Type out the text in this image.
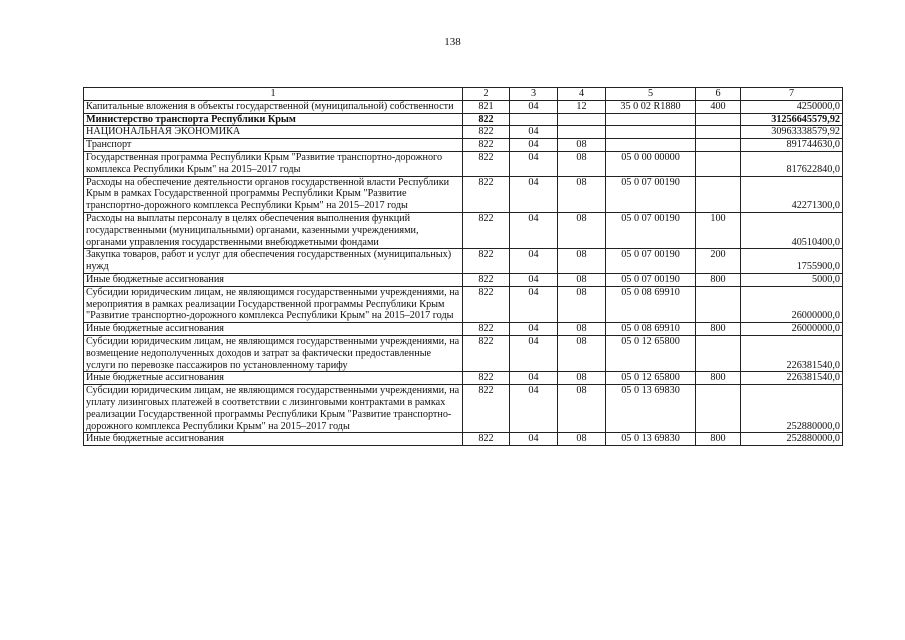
138
1	2	3	4	5	6	7
Капитальные вложения в объекты государственной (муниципальной) собственности	821	04	12	35 0 02 R1880	400	4250000,0
Министерство транспорта Республики Крым	822					31256645579,92
НАЦИОНАЛЬНАЯ ЭКОНОМИКА	822	04				30963338579,92
Транспорт	822	04	08			891744630,0
Государственная программа Республики Крым "Развитие транспортно-дорожного комплекса Республики Крым" на 2015–2017 годы	822	04	08	05 0 00 00000		817622840,0
Расходы на обеспечение деятельности органов государственной власти Республики Крым в рамках Государственной программы Республики Крым "Развитие транспортно-дорожного комплекса Республики Крым" на 2015–2017 годы	822	04	08	05 0 07 00190		42271300,0
Расходы на выплаты персоналу в целях обеспечения выполнения функций государственными (муниципальными) органами, казенными учреждениями, органами управления государственными внебюджетными фондами	822	04	08	05 0 07 00190	100	40510400,0
Закупка товаров, работ и услуг для обеспечения государственных (муниципальных) нужд	822	04	08	05 0 07 00190	200	1755900,0
Иные бюджетные ассигнования	822	04	08	05 0 07 00190	800	5000,0
Субсидии юридическим лицам, не являющимся государственными учреждениями, на мероприятия в рамках реализации Государственной программы Республики Крым "Развитие транспортно-дорожного комплекса Республики Крым" на 2015–2017 годы	822	04	08	05 0 08 69910		26000000,0
Иные бюджетные ассигнования	822	04	08	05 0 08 69910	800	26000000,0
Субсидии юридическим лицам, не являющимся государственными учреждениями, на возмещение недополученных доходов и затрат за фактически предоставленные услуги по перевозке пассажиров по установленному тарифу	822	04	08	05 0 12 65800		226381540,0
Иные бюджетные ассигнования	822	04	08	05 0 12 65800	800	226381540,0
Субсидии юридическим лицам, не являющимся государственными учреждениями, на уплату лизинговых платежей в соответствии с лизинговыми контрактами в рамках реализации Государственной программы Республики Крым "Развитие транспортно-дорожного комплекса Республики Крым" на 2015–2017 годы	822	04	08	05 0 13 69830		252880000,0
Иные бюджетные ассигнования	822	04	08	05 0 13 69830	800	252880000,0
